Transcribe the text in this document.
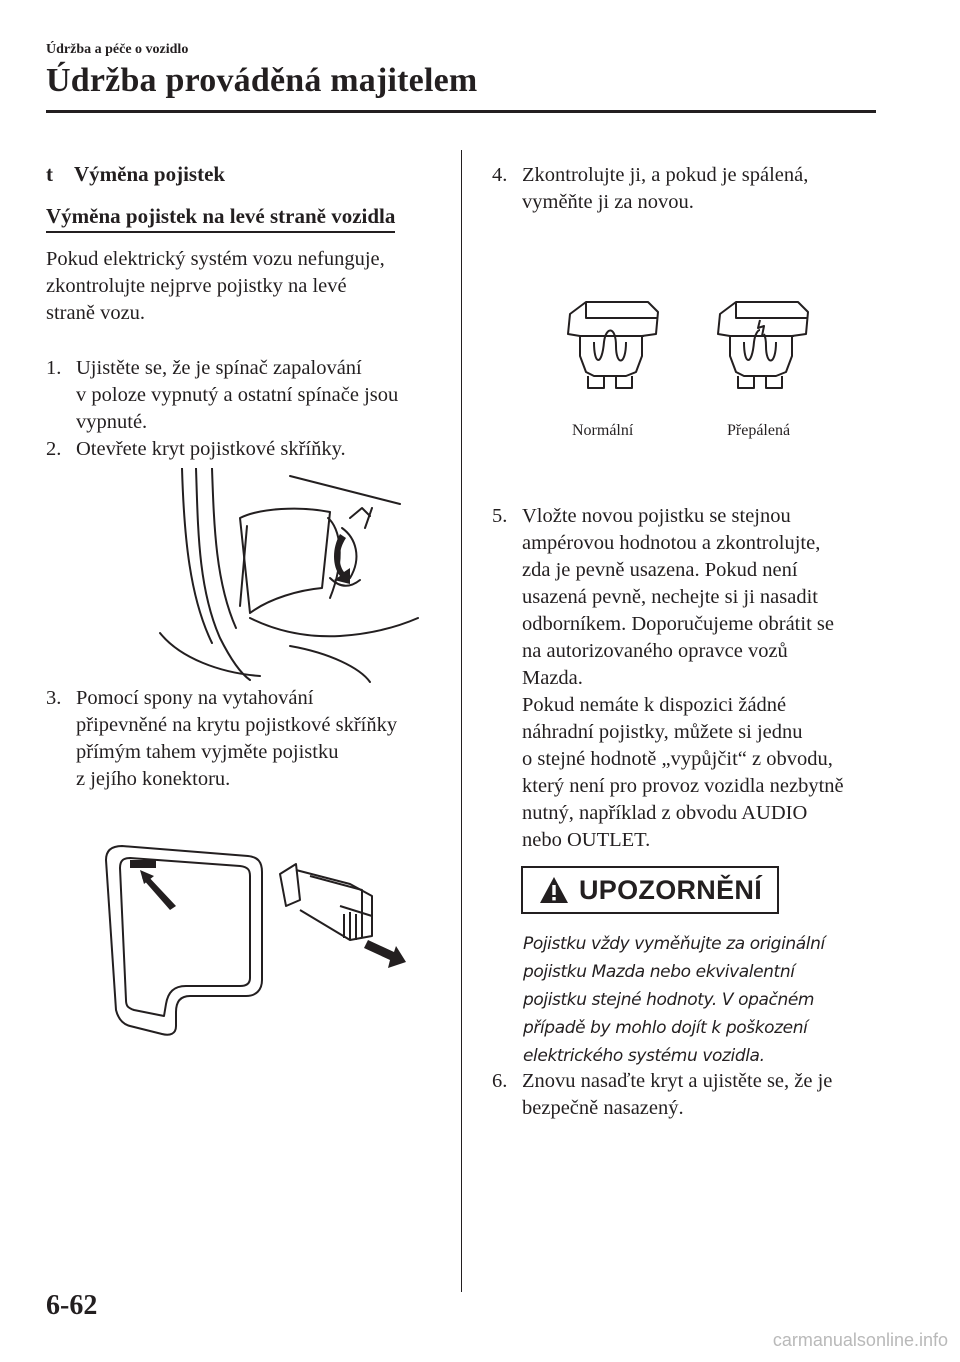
Údržba a péče o vozidlo
Údržba prováděná majitelem
t Výměna pojistek
Výměna pojistek na levé straně vozidla
Pokud elektrický systém vozu nefunguje,
zkontrolujte nejprve pojistky na levé
straně vozu.
1. Ujistěte se, že je spínač zapalování
v poloze vypnutý a ostatní spínače jsou
vypnuté.
2. Otevřete kryt pojistkové skříňky.
3. Pomocí spony na vytahování
připevněné na krytu pojistkové skříňky
přímým tahem vyjměte pojistku
z jejího konektoru.
4. Zkontrolujte ji, a pokud je spálená,
vyměňte ji za novou.
Normální	Přepálená
5. Vložte novou pojistku se stejnou
ampérovou hodnotou a zkontrolujte,
zda je pevně usazena. Pokud není
usazená pevně, nechejte si ji nasadit
odborníkem. Doporučujeme obrátit se
na autorizovaného opravce vozů
Mazda.
Pokud nemáte k dispozici žádné
náhradní pojistky, můžete si jednu
o stejné hodnotě „vypůjčit“ z obvodu,
který není pro provoz vozidla nezbytně
nutný, například z obvodu AUDIO
nebo OUTLET.
UPOZORNĚNÍ
Pojistku vždy vyměňujte za originální
pojistku Mazda nebo ekvivalentní
pojistku stejné hodnoty. V opačném
případě by mohlo dojít k poškození
elektrického systému vozidla.
6. Znovu nasaďte kryt a ujistěte se, že je
bezpečně nasazený.
6-62
carmanualsonline.info
